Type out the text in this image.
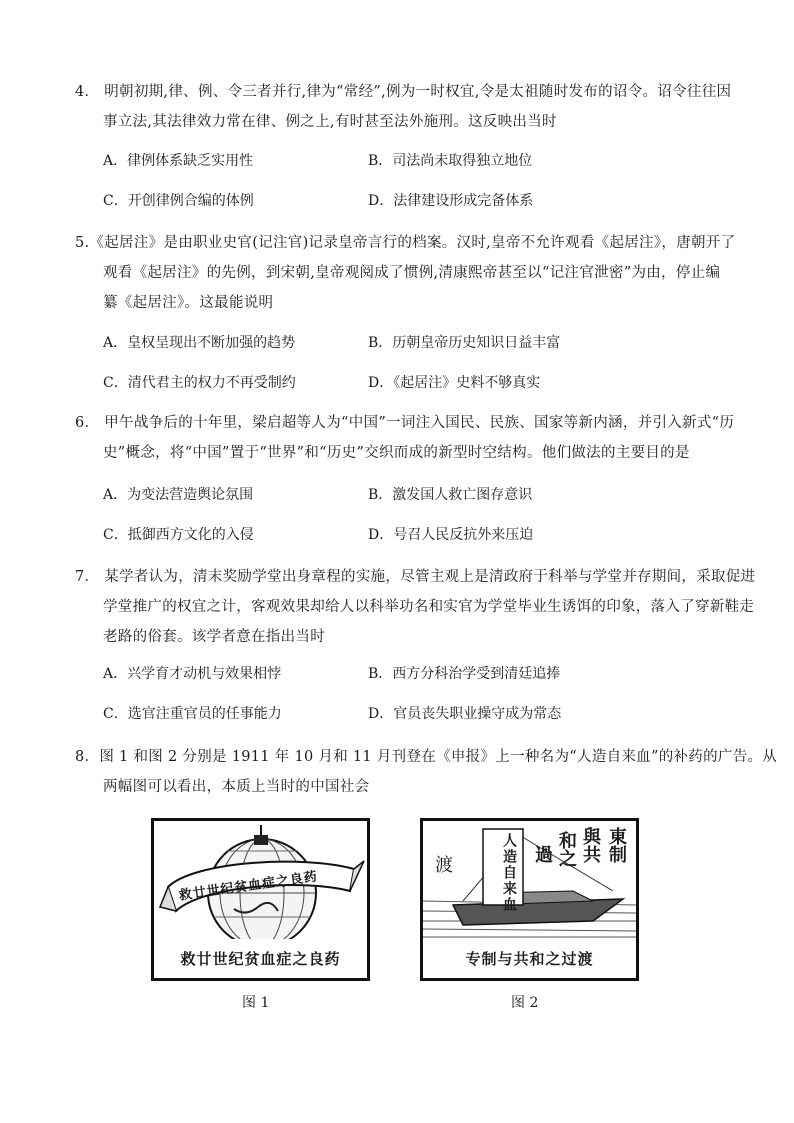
4． 明朝初期,律、例、令三者并行,律为“常经”,例为一时权宜,令是太祖随时发布的诏令。诏令往往因
事立法,其法律效力常在律、例之上,有时甚至法外施刑。这反映出当时
A．律例体系缺乏实用性	B．司法尚未取得独立地位
C．开创律例合编的体例	D．法律建设形成完备体系
5.《起居注》是由职业史官(记注官)记录皇帝言行的档案。汉时,皇帝不允许观看《起居注》，唐朝开了
观看《起居注》的先例，到宋朝,皇帝观阅成了惯例,清康熙帝甚至以“记注官泄密”为由，停止编
纂《起居注》。这最能说明
A．皇权呈现出不断加强的趋势	B．历朝皇帝历史知识日益丰富
C．清代君主的权力不再受制约	D．《起居注》史料不够真实
6． 甲午战争后的十年里，梁启超等人为“中国”一词注入国民、民族、国家等新内涵，并引入新式“历
史”概念，将“中国”置于“世界”和“历史”交织而成的新型时空结构。他们做法的主要目的是
A．为变法营造舆论氛围	B．激发国人救亡图存意识
C．抵御西方文化的入侵	D．号召人民反抗外来压迫
7． 某学者认为，清末奖励学堂出身章程的实施，尽管主观上是清政府于科举与学堂并存期间，采取促进
学堂推广的权宜之计，客观效果却给人以科举功名和实官为学堂毕业生诱饵的印象，落入了穿新鞋走
老路的俗套。该学者意在指出当时
A．兴学育才动机与效果相悖	B．西方分科治学受到清廷追捧
C．选官注重官员的任事能力	D．官员丧失职业操守成为常态
8．图 1 和图 2 分别是 1911 年 10 月和 11 月刊登在《申报》上一种名为“人造自来血”的补药的广告。从
两幅图可以看出，本质上当时的中国社会
救廿世纪贫血症之良药
救廿世纪贫血症之良药
图 1
人造自来血
渡
過 和之 與共 東制
专制与共和之过渡
图 2
